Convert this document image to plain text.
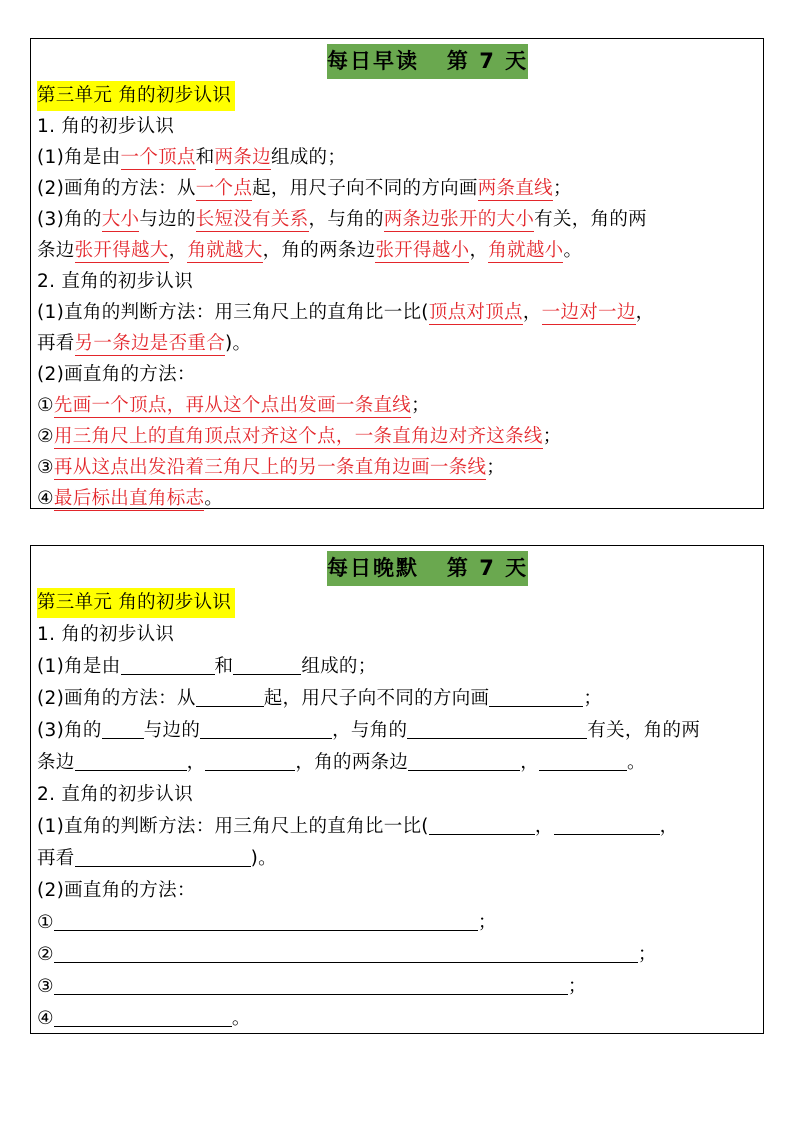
每日早读   第 7 天
第三单元 角的初步认识
1. 角的初步认识
(1)角是由一个顶点和两条边组成的；
(2)画角的方法：从一个点起，用尺子向不同的方向画两条直线；
(3)角的大小与边的长短没有关系，与角的两条边张开的大小有关，角的两
条边张开得越大，角就越大，角的两条边张开得越小，角就越小。
2. 直角的初步认识
(1)直角的判断方法：用三角尺上的直角比一比(顶点对顶点，一边对一边，
再看另一条边是否重合)。
(2)画直角的方法：
①先画一个顶点，再从这个点出发画一条直线；
②用三角尺上的直角顶点对齐这个点，一条直角边对齐这条线；
③再从这点出发沿着三角尺上的另一条直角边画一条线；
④最后标出直角标志。
每日晚默   第 7 天
第三单元 角的初步认识
1. 角的初步认识
(1)角是由	和	组成的；
(2)画角的方法：从	起，用尺子向不同的方向画	；
(3)角的 与边的	，与角的	有关，角的两
条边	，	，角的两条边	，	。
2. 直角的初步认识
(1)直角的判断方法：用三角尺上的直角比一比(	，	，
再看	)。
(2)画直角的方法：
①	；
②	；
③	；
④	。
